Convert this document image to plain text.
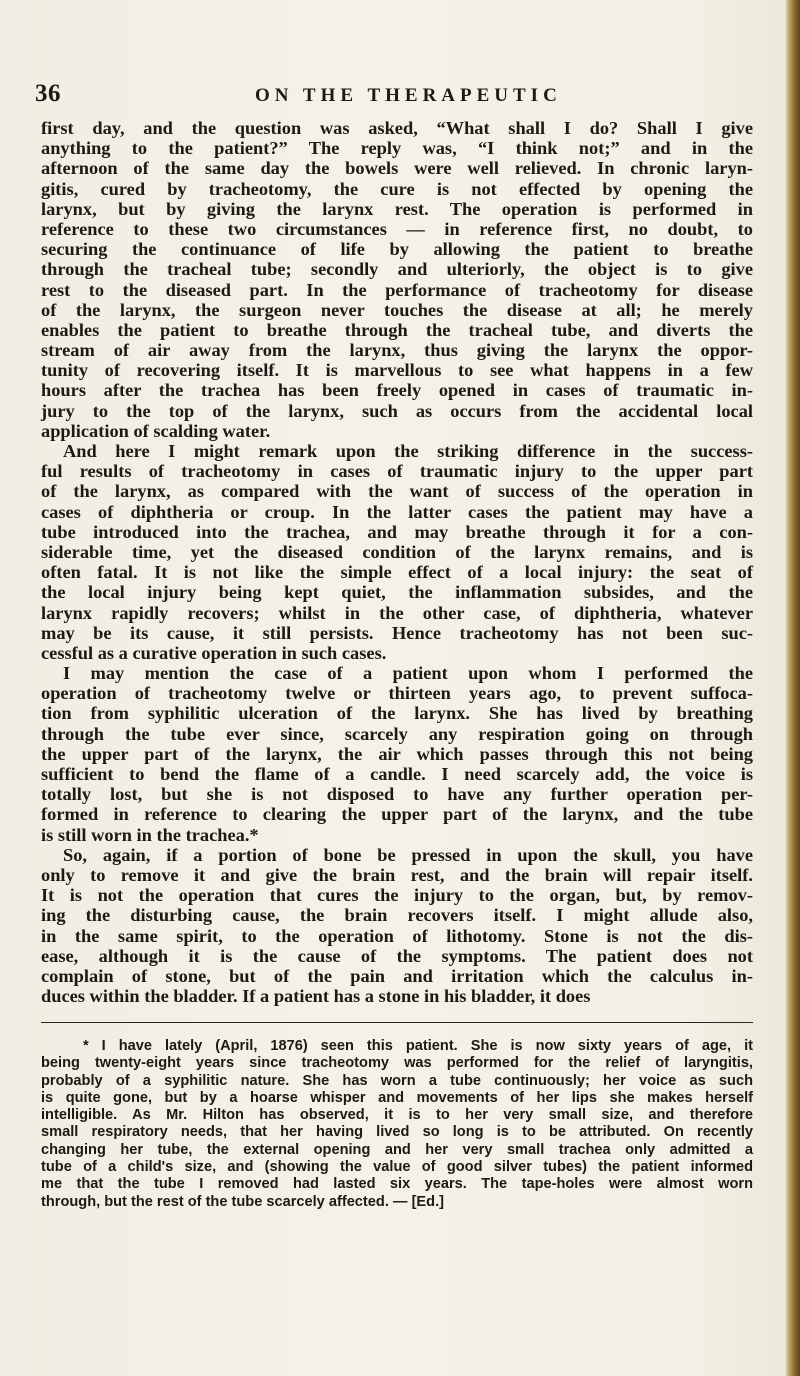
36	ON THE THERAPEUTIC
first day, and the question was asked, “What shall I do? Shall I give
anything to the patient?” The reply was, “I think not;” and in the
afternoon of the same day the bowels were well relieved. In chronic laryn-
gitis, cured by tracheotomy, the cure is not effected by opening the
larynx, but by giving the larynx rest. The operation is performed in
reference to these two circumstances — in reference first, no doubt, to
securing the continuance of life by allowing the patient to breathe
through the tracheal tube; secondly and ulteriorly, the object is to give
rest to the diseased part. In the performance of tracheotomy for disease
of the larynx, the surgeon never touches the disease at all; he merely
enables the patient to breathe through the tracheal tube, and diverts the
stream of air away from the larynx, thus giving the larynx the oppor-
tunity of recovering itself. It is marvellous to see what happens in a few
hours after the trachea has been freely opened in cases of traumatic in-
jury to the top of the larynx, such as occurs from the accidental local
application of scalding water.
And here I might remark upon the striking difference in the success-
ful results of tracheotomy in cases of traumatic injury to the upper part
of the larynx, as compared with the want of success of the operation in
cases of diphtheria or croup. In the latter cases the patient may have a
tube introduced into the trachea, and may breathe through it for a con-
siderable time, yet the diseased condition of the larynx remains, and is
often fatal. It is not like the simple effect of a local injury: the seat of
the local injury being kept quiet, the inflammation subsides, and the
larynx rapidly recovers; whilst in the other case, of diphtheria, whatever
may be its cause, it still persists. Hence tracheotomy has not been suc-
cessful as a curative operation in such cases.
I may mention the case of a patient upon whom I performed the
operation of tracheotomy twelve or thirteen years ago, to prevent suffoca-
tion from syphilitic ulceration of the larynx. She has lived by breathing
through the tube ever since, scarcely any respiration going on through
the upper part of the larynx, the air which passes through this not being
sufficient to bend the flame of a candle. I need scarcely add, the voice is
totally lost, but she is not disposed to have any further operation per-
formed in reference to clearing the upper part of the larynx, and the tube
is still worn in the trachea.*
So, again, if a portion of bone be pressed in upon the skull, you have
only to remove it and give the brain rest, and the brain will repair itself.
It is not the operation that cures the injury to the organ, but, by remov-
ing the disturbing cause, the brain recovers itself. I might allude also,
in the same spirit, to the operation of lithotomy. Stone is not the dis-
ease, although it is the cause of the symptoms. The patient does not
complain of stone, but of the pain and irritation which the calculus in-
duces within the bladder. If a patient has a stone in his bladder, it does
* I have lately (April, 1876) seen this patient. She is now sixty years of age, it
being twenty-eight years since tracheotomy was performed for the relief of laryngitis,
probably of a syphilitic nature. She has worn a tube continuously; her voice as such
is quite gone, but by a hoarse whisper and movements of her lips she makes herself
intelligible. As Mr. Hilton has observed, it is to her very small size, and therefore
small respiratory needs, that her having lived so long is to be attributed. On recently
changing her tube, the external opening and her very small trachea only admitted a
tube of a child's size, and (showing the value of good silver tubes) the patient informed
me that the tube I removed had lasted six years. The tape-holes were almost worn
through, but the rest of the tube scarcely affected. — [Ed.]
